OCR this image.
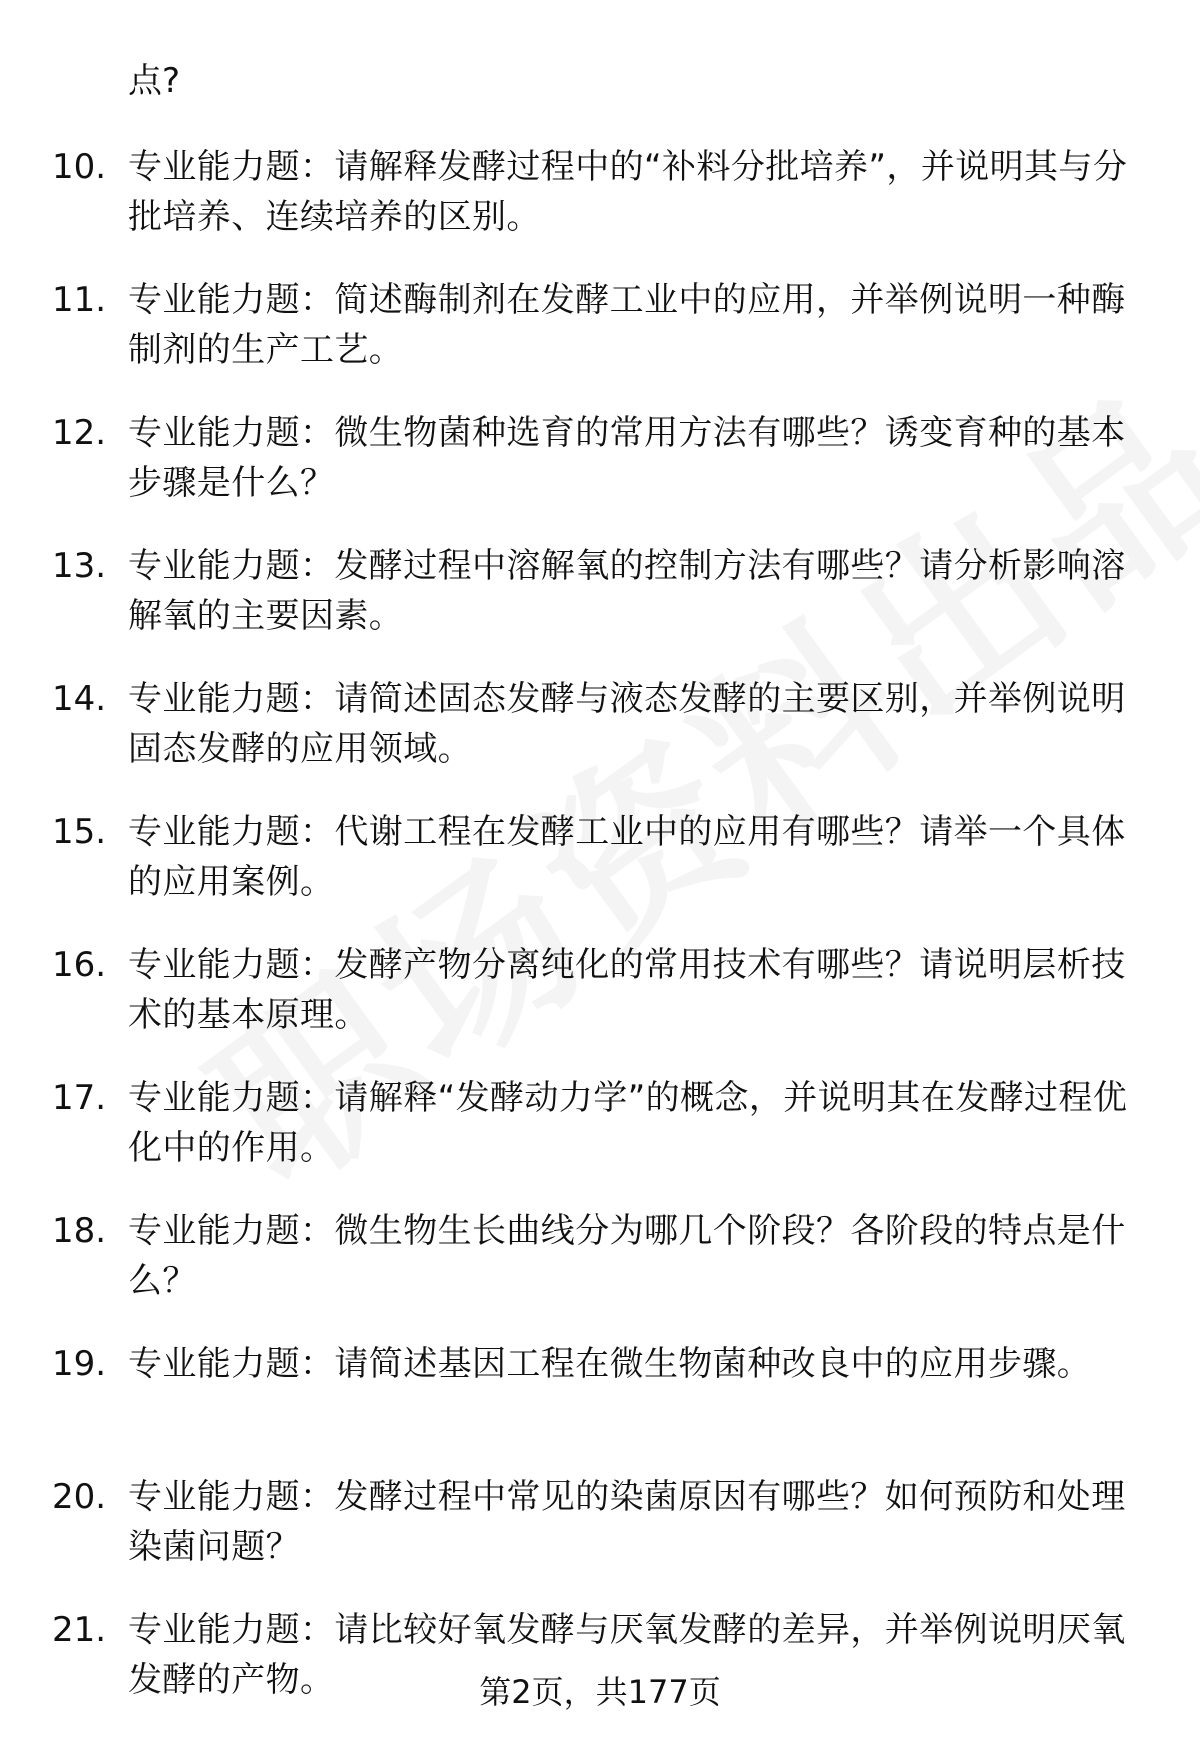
点?
10. 专业能力题：请解释发酵过程中的“补料分批培养”，并说明其与分批培养、连续培养的区别。
11. 专业能力题：简述酶制剂在发酵工业中的应用，并举例说明一种酶制剂的生产工艺。
12. 专业能力题：微生物菌种选育的常用方法有哪些？诱变育种的基本步骤是什么？
13. 专业能力题：发酵过程中溶解氧的控制方法有哪些？请分析影响溶解氧的主要因素。
14. 专业能力题：请简述固态发酵与液态发酵的主要区别，并举例说明固态发酵的应用领域。
15. 专业能力题：代谢工程在发酵工业中的应用有哪些？请举一个具体的应用案例。
16. 专业能力题：发酵产物分离纯化的常用技术有哪些？请说明层析技术的基本原理。
17. 专业能力题：请解释“发酵动力学”的概念，并说明其在发酵过程优化中的作用。
18. 专业能力题：微生物生长曲线分为哪几个阶段？各阶段的特点是什么？
19. 专业能力题：请简述基因工程在微生物菌种改良中的应用步骤。
20. 专业能力题：发酵过程中常见的染菌原因有哪些？如何预防和处理染菌问题？
21. 专业能力题：请比较好氧发酵与厌氧发酵的差异，并举例说明厌氧发酵的产物。	第2页，共177页
